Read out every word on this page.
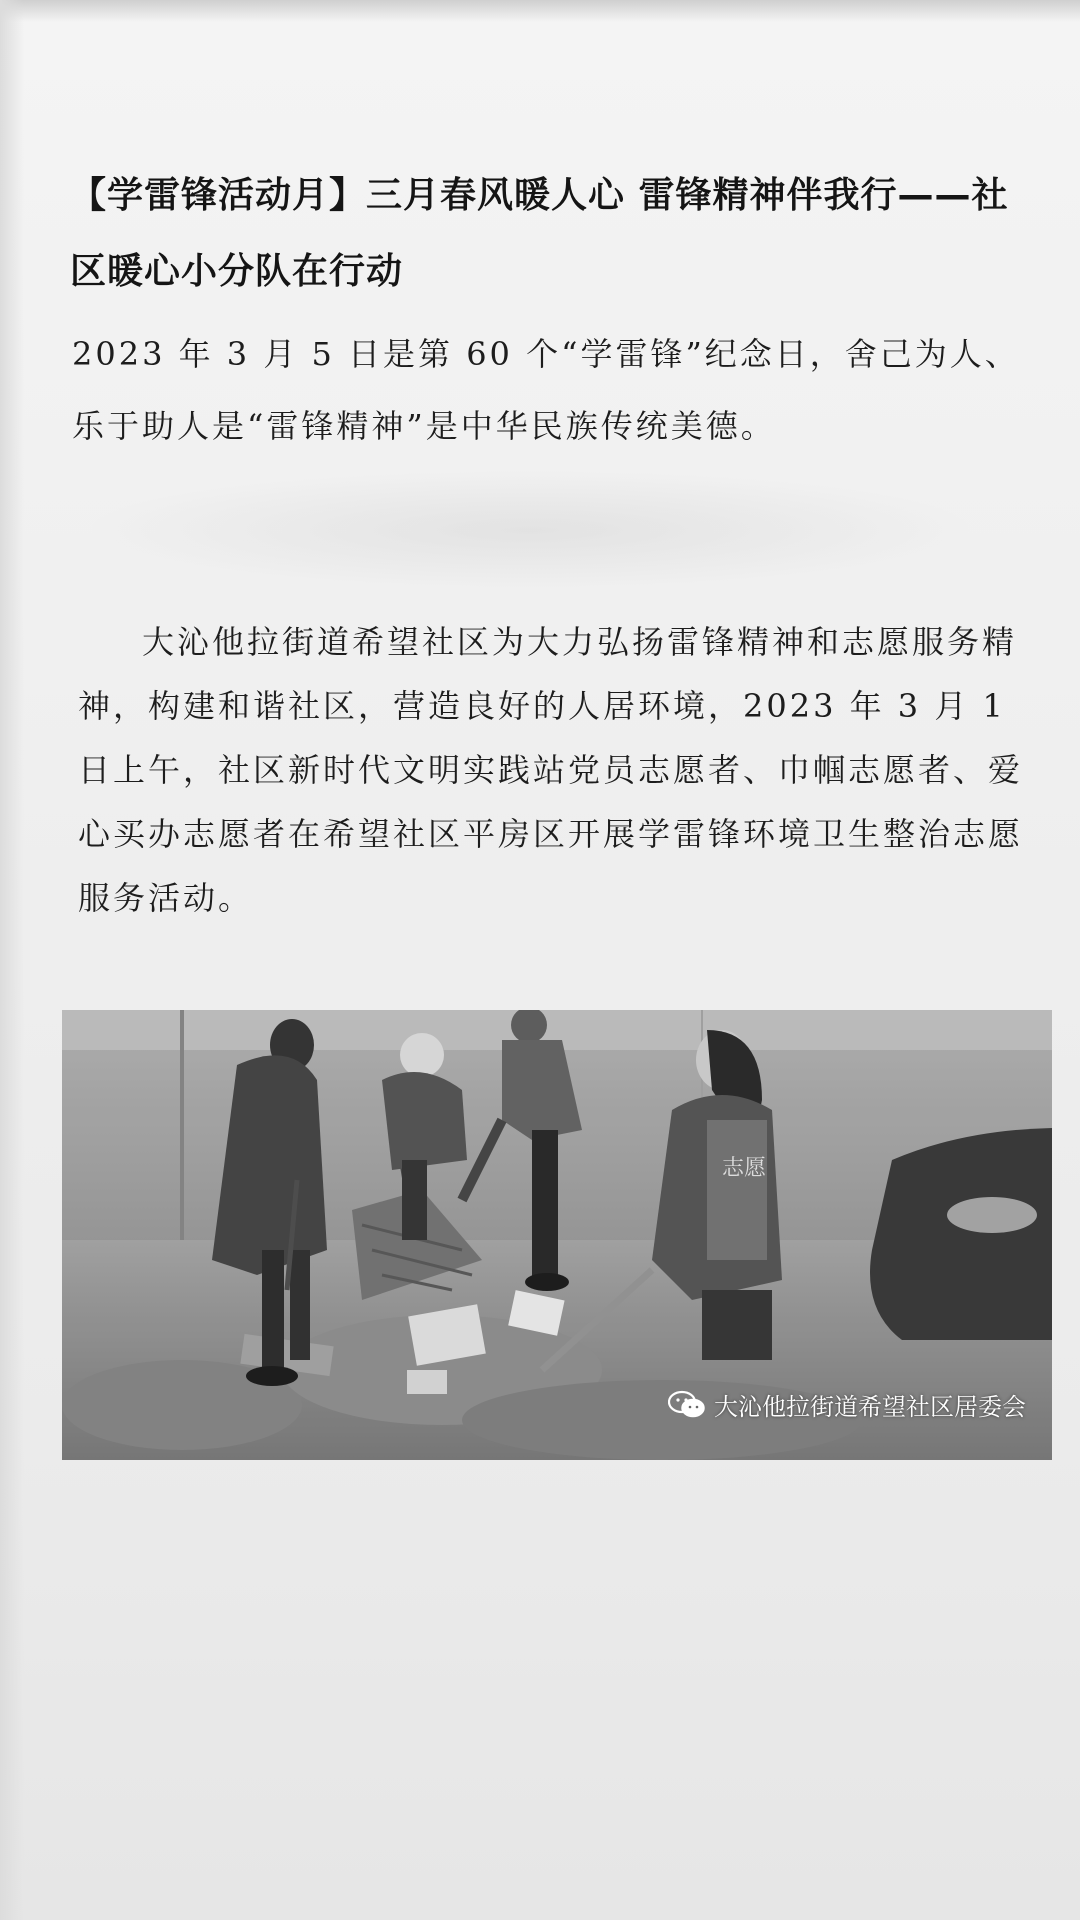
【学雷锋活动月】三月春风暖人心 雷锋精神伴我行——社区暖心小分队在行动

2023 年 3 月 5 日是第 60 个“学雷锋”纪念日，舍己为人、乐于助人是“雷锋精神”是中华民族传统美德。

大沁他拉街道希望社区为大力弘扬雷锋精神和志愿服务精神，构建和谐社区，营造良好的人居环境，2023 年 3 月 1 日上午，社区新时代文明实践站党员志愿者、巾帼志愿者、爱心买办志愿者在希望社区平房区开展学雷锋环境卫生整治志愿服务活动。

志愿
大沁他拉街道希望社区居委会
